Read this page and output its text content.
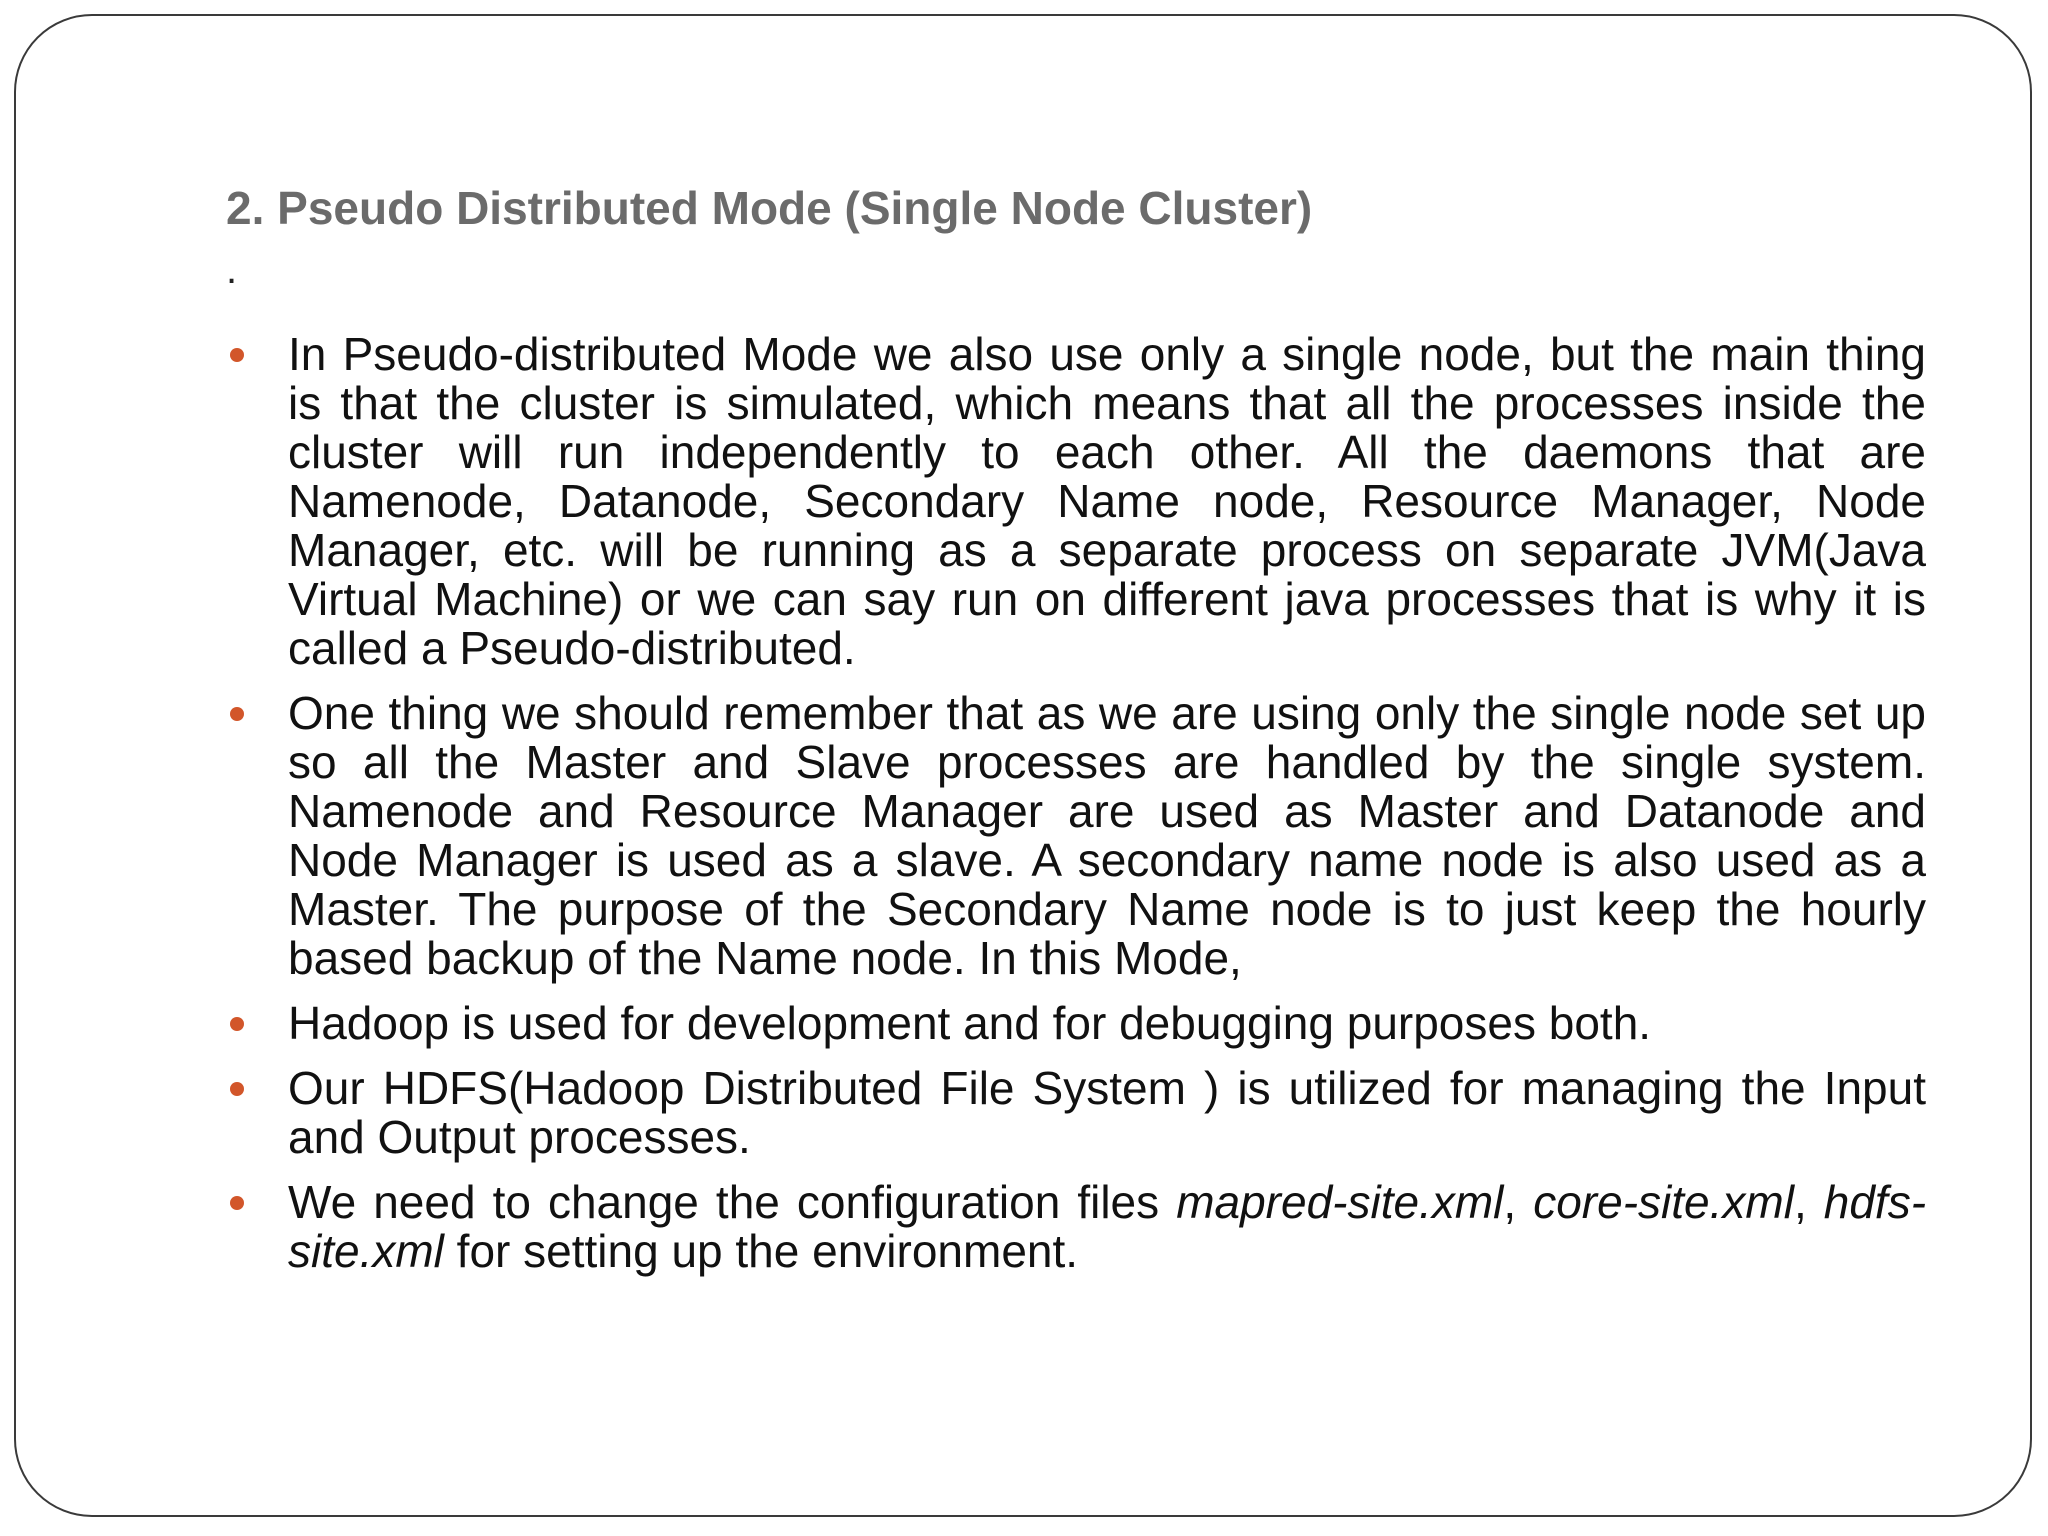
2. Pseudo Distributed Mode (Single Node Cluster)
.
In Pseudo-distributed Mode we also use only a single node, but the main thing is that the cluster is simulated, which means that all the processes inside the cluster will run independently to each other. All the daemons that are Namenode, Datanode, Secondary Name node, Resource Manager, Node Manager, etc. will be running as a separate process on separate JVM(Java Virtual Machine) or we can say run on different java processes that is why it is called a Pseudo-distributed.
One thing we should remember that as we are using only the single node set up so all the Master and Slave processes are handled by the single system. Namenode and Resource Manager are used as Master and Datanode and Node Manager is used as a slave. A secondary name node is also used as a Master. The purpose of the Secondary Name node is to just keep the hourly based backup of the Name node. In this Mode,
Hadoop is used for development and for debugging purposes both.
Our HDFS(Hadoop Distributed File System ) is utilized for managing the Input and Output processes.
We need to change the configuration files mapred-site.xml, core-site.xml, hdfs-site.xml for setting up the environment.
